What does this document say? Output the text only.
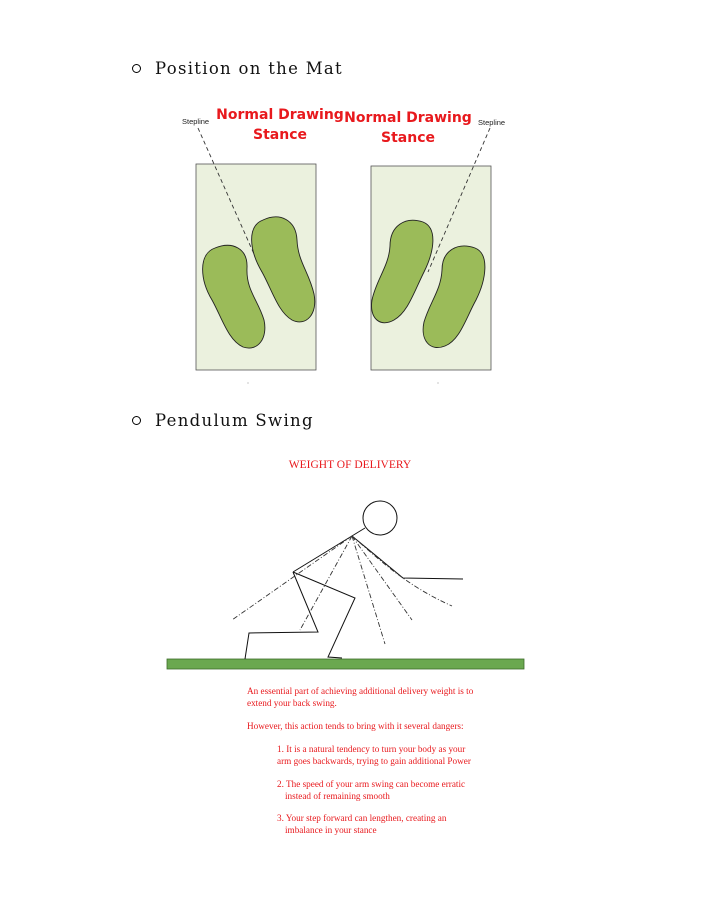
Position on the Mat
Normal Drawing
Stance
Normal Drawing
Stance
Stepline	Stepline
Pendulum Swing
WEIGHT OF DELIVERY
An essential part of achieving additional delivery weight is to
extend your back swing.
However, this action tends to bring with it several dangers:
1. It is a natural tendency to turn your body as your
arm goes backwards, trying to gain additional Power
2. The speed of your arm swing can become erratic
instead of remaining smooth
3. Your step forward can lengthen, creating an
imbalance in your stance
